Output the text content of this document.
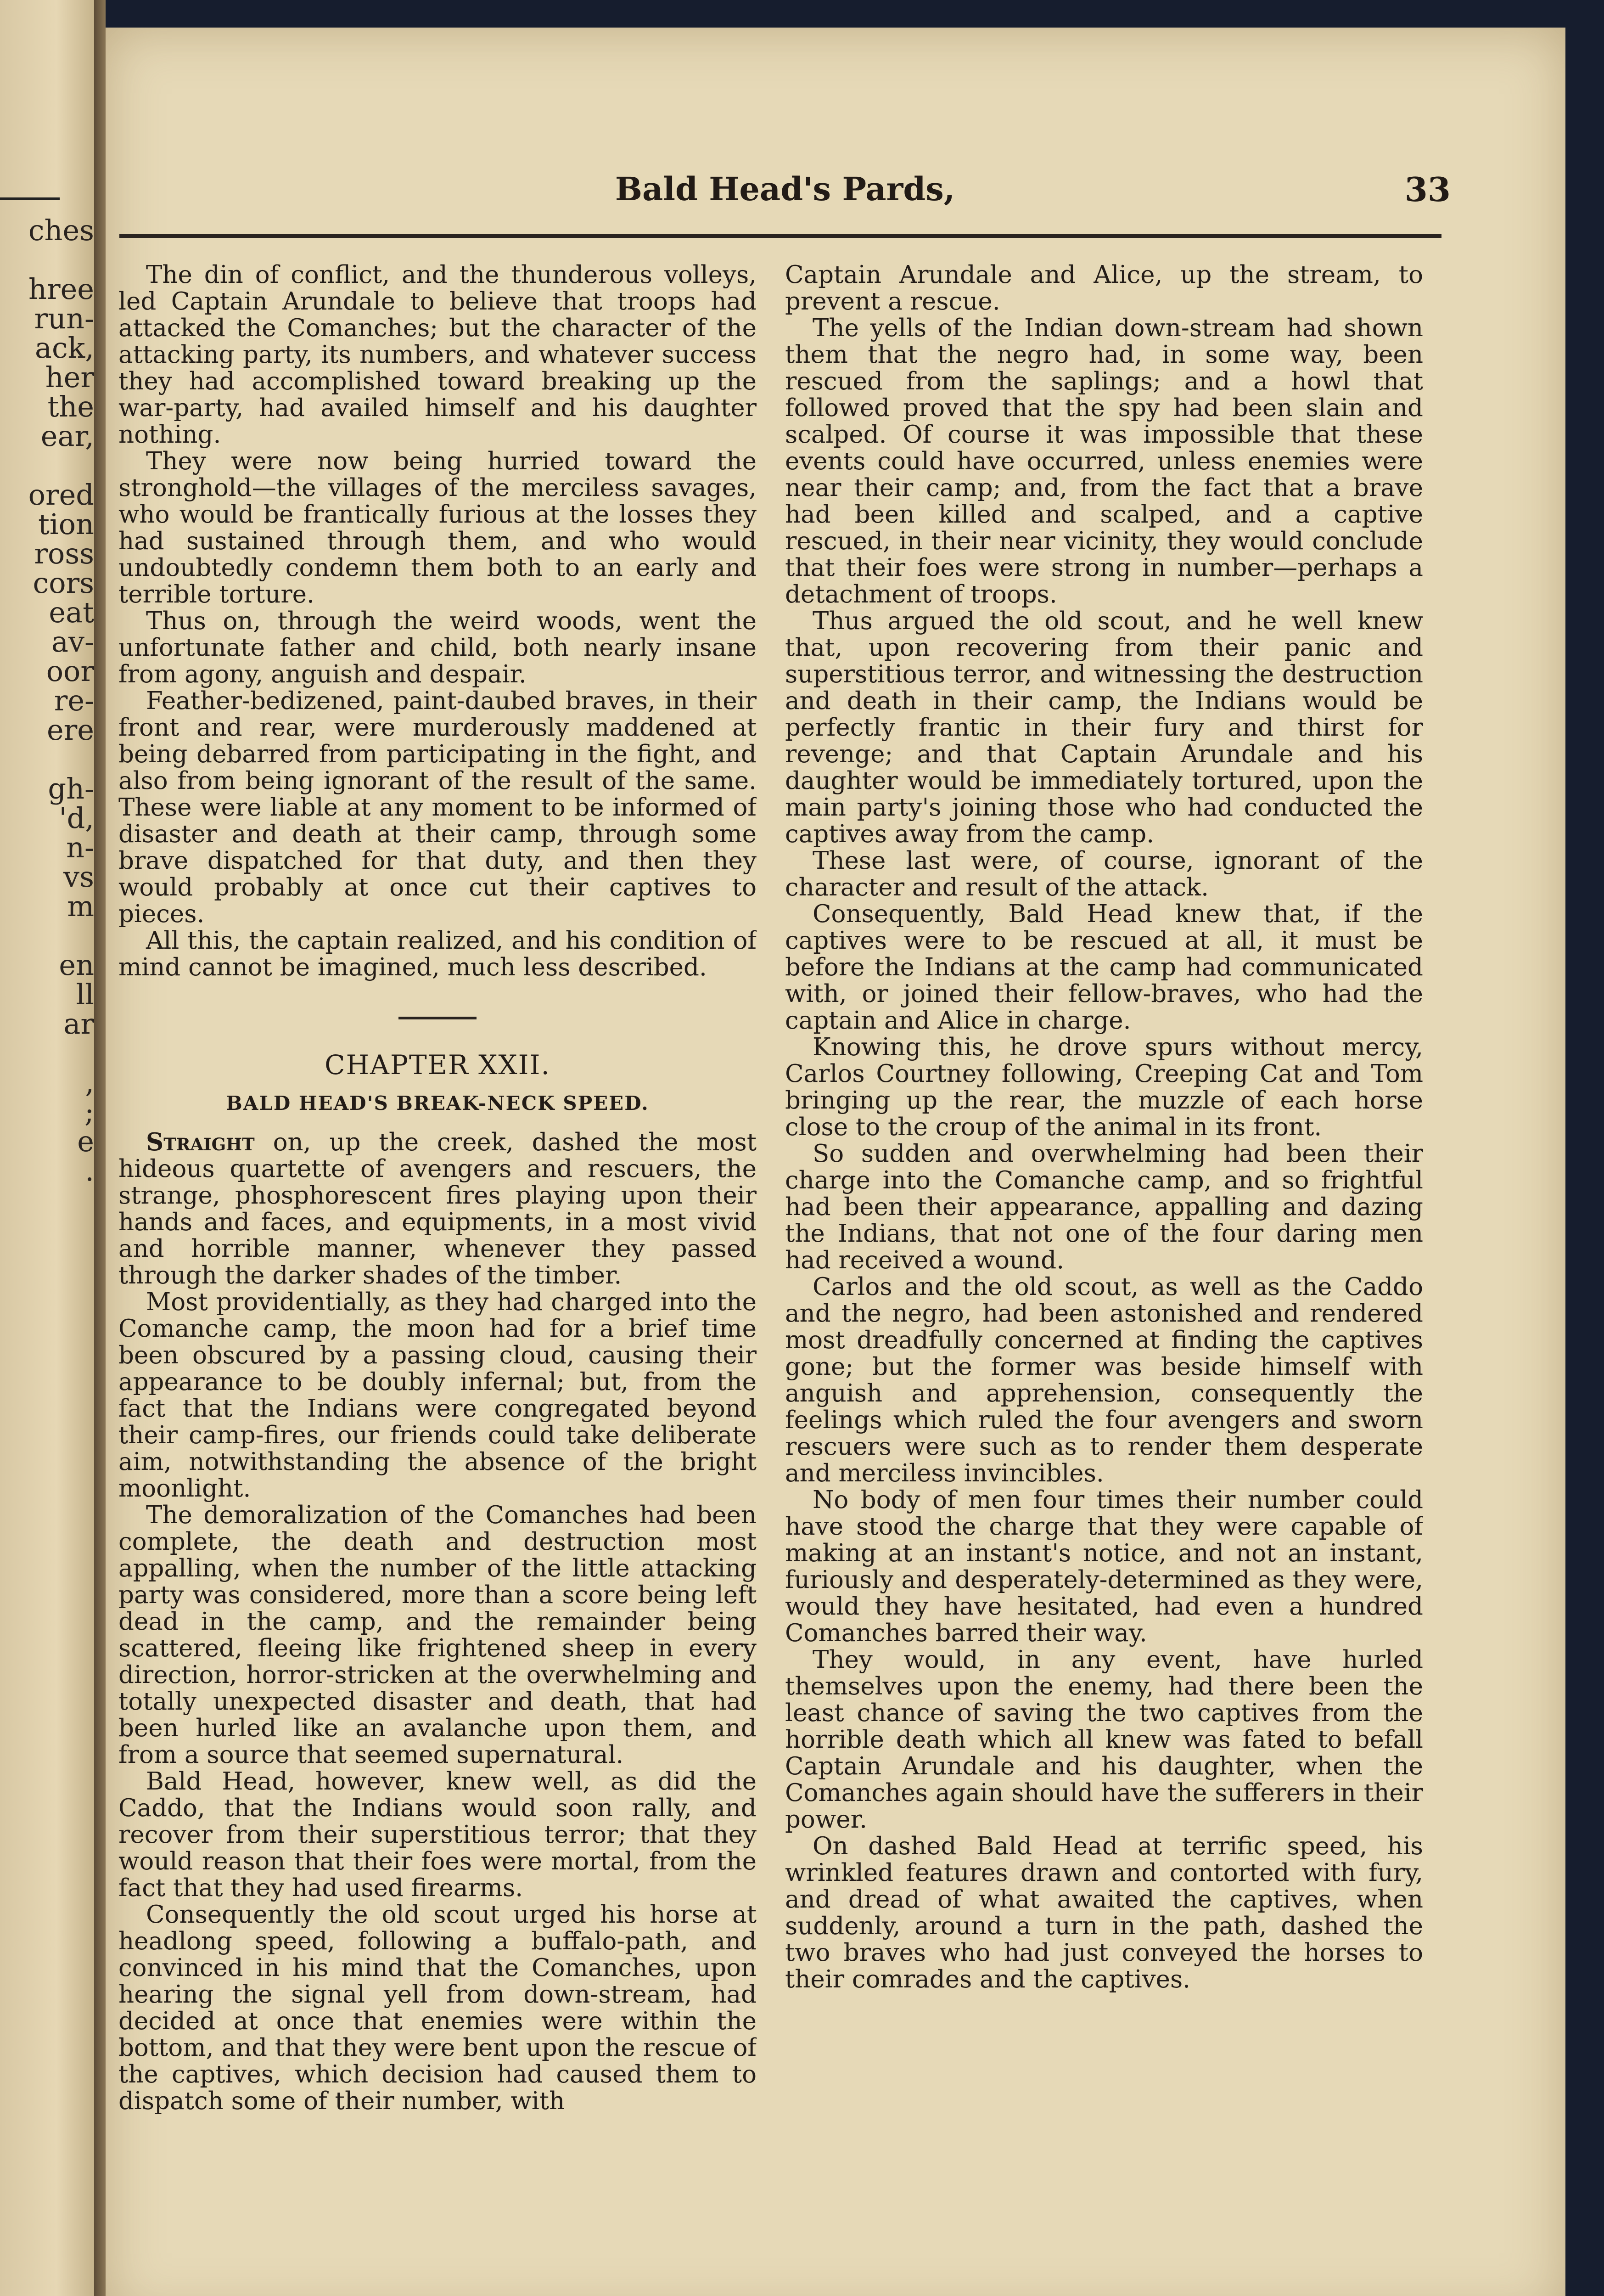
ches

hree
run-
ack,
her
the
ear,

ored
tion
ross
cors
eat
av-
oor
re-
ere

gh-
'd,
n-
vs
m

en
ll
ar

,
;
e
.
Bald Head's Pards,	33

The din of conflict, and the thunderous volleys, led Captain Arundale to believe that troops had attacked the Comanches; but the character of the attacking party, its numbers, and whatever success they had accomplished toward breaking up the war-party, had availed himself and his daughter nothing.

They were now being hurried toward the stronghold—the villages of the merciless savages, who would be frantically furious at the losses they had sustained through them, and who would undoubtedly condemn them both to an early and terrible torture.

Thus on, through the weird woods, went the unfortunate father and child, both nearly insane from agony, anguish and despair.

Feather-bedizened, paint-daubed braves, in their front and rear, were murderously maddened at being debarred from participating in the fight, and also from being ignorant of the result of the same. These were liable at any moment to be informed of disaster and death at their camp, through some brave dispatched for that duty, and then they would probably at once cut their captives to pieces.

All this, the captain realized, and his condition of mind cannot be imagined, much less described.

CHAPTER XXII.
BALD HEAD'S BREAK-NECK SPEED.

Straight on, up the creek, dashed the most hideous quartette of avengers and rescuers, the strange, phosphorescent fires playing upon their hands and faces, and equipments, in a most vivid and horrible manner, whenever they passed through the darker shades of the timber.

Most providentially, as they had charged into the Comanche camp, the moon had for a brief time been obscured by a passing cloud, causing their appearance to be doubly infernal; but, from the fact that the Indians were congregated beyond their camp-fires, our friends could take deliberate aim, notwithstanding the absence of the bright moonlight.

The demoralization of the Comanches had been complete, the death and destruction most appalling, when the number of the little attacking party was considered, more than a score being left dead in the camp, and the remainder being scattered, fleeing like frightened sheep in every direction, horror-stricken at the overwhelming and totally unexpected disaster and death, that had been hurled like an avalanche upon them, and from a source that seemed supernatural.

Bald Head, however, knew well, as did the Caddo, that the Indians would soon rally, and recover from their superstitious terror; that they would reason that their foes were mortal, from the fact that they had used firearms.

Consequently the old scout urged his horse at headlong speed, following a buffalo-path, and convinced in his mind that the Comanches, upon hearing the signal yell from down-stream, had decided at once that enemies were within the bottom, and that they were bent upon the rescue of the captives, which decision had caused them to dispatch some of their number, with

Captain Arundale and Alice, up the stream, to prevent a rescue.

The yells of the Indian down-stream had shown them that the negro had, in some way, been rescued from the saplings; and a howl that followed proved that the spy had been slain and scalped. Of course it was impossible that these events could have occurred, unless enemies were near their camp; and, from the fact that a brave had been killed and scalped, and a captive rescued, in their near vicinity, they would conclude that their foes were strong in number—perhaps a detachment of troops.

Thus argued the old scout, and he well knew that, upon recovering from their panic and superstitious terror, and witnessing the destruction and death in their camp, the Indians would be perfectly frantic in their fury and thirst for revenge; and that Captain Arundale and his daughter would be immediately tortured, upon the main party's joining those who had conducted the captives away from the camp.

These last were, of course, ignorant of the character and result of the attack.

Consequently, Bald Head knew that, if the captives were to be rescued at all, it must be before the Indians at the camp had communicated with, or joined their fellow-braves, who had the captain and Alice in charge.

Knowing this, he drove spurs without mercy, Carlos Courtney following, Creeping Cat and Tom bringing up the rear, the muzzle of each horse close to the croup of the animal in its front.

So sudden and overwhelming had been their charge into the Comanche camp, and so frightful had been their appearance, appalling and dazing the Indians, that not one of the four daring men had received a wound.

Carlos and the old scout, as well as the Caddo and the negro, had been astonished and rendered most dreadfully concerned at finding the captives gone; but the former was beside himself with anguish and apprehension, consequently the feelings which ruled the four avengers and sworn rescuers were such as to render them desperate and merciless invincibles.

No body of men four times their number could have stood the charge that they were capable of making at an instant's notice, and not an instant, furiously and desperately-determined as they were, would they have hesitated, had even a hundred Comanches barred their way.

They would, in any event, have hurled themselves upon the enemy, had there been the least chance of saving the two captives from the horrible death which all knew was fated to befall Captain Arundale and his daughter, when the Comanches again should have the sufferers in their power.

On dashed Bald Head at terrific speed, his wrinkled features drawn and contorted with fury, and dread of what awaited the captives, when suddenly, around a turn in the path, dashed the two braves who had just conveyed the horses to their comrades and the captives.
